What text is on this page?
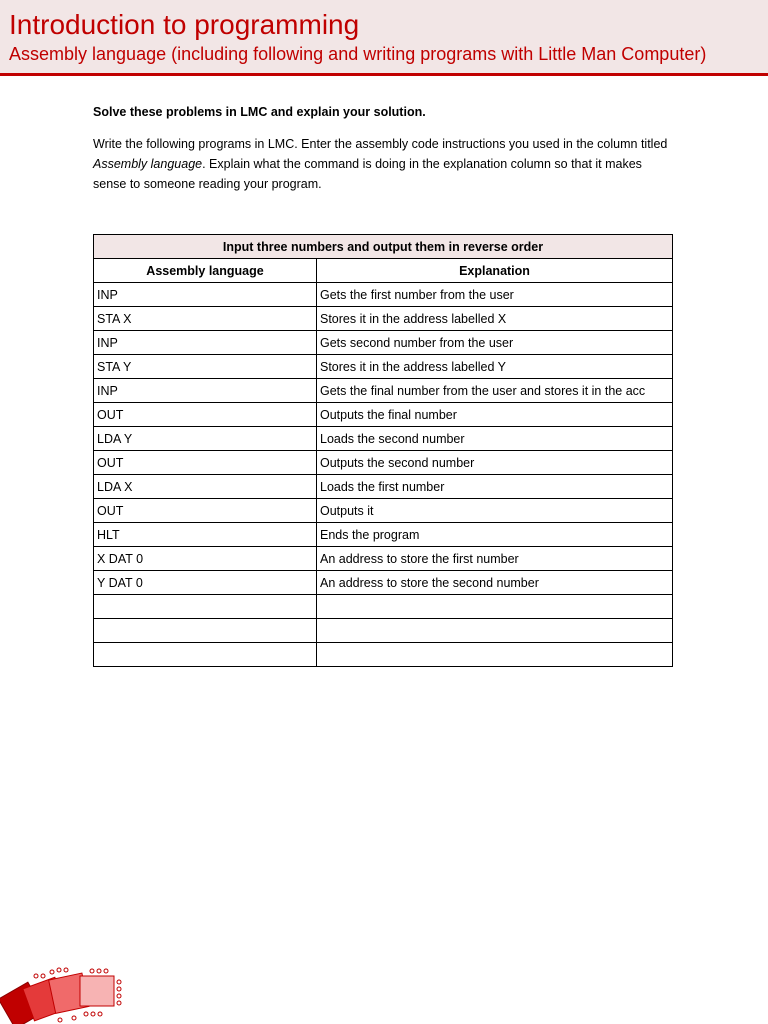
Introduction to programming
Assembly language (including following and writing programs with Little Man Computer)

Solve these problems in LMC and explain your solution.

Write the following programs in LMC. Enter the assembly code instructions you used in the column titled Assembly language. Explain what the command is doing in the explanation column so that it makes sense to someone reading your program.

Input three numbers and output them in reverse order	
Assembly language	Explanation
INP	Gets the first number from the user
STA X	Stores it in the address labelled X
INP	Gets second number from the user
STA Y	Stores it in the address labelled Y
INP	Gets the final number from the user and stores it in the acc
OUT	Outputs the final number
LDA Y	Loads the second number
OUT	Outputs the second number
LDA X	Loads the first number
OUT	Outputs it
HLT	Ends the program
X DAT 0	An address to store the first number
Y DAT 0	An address to store the second number
